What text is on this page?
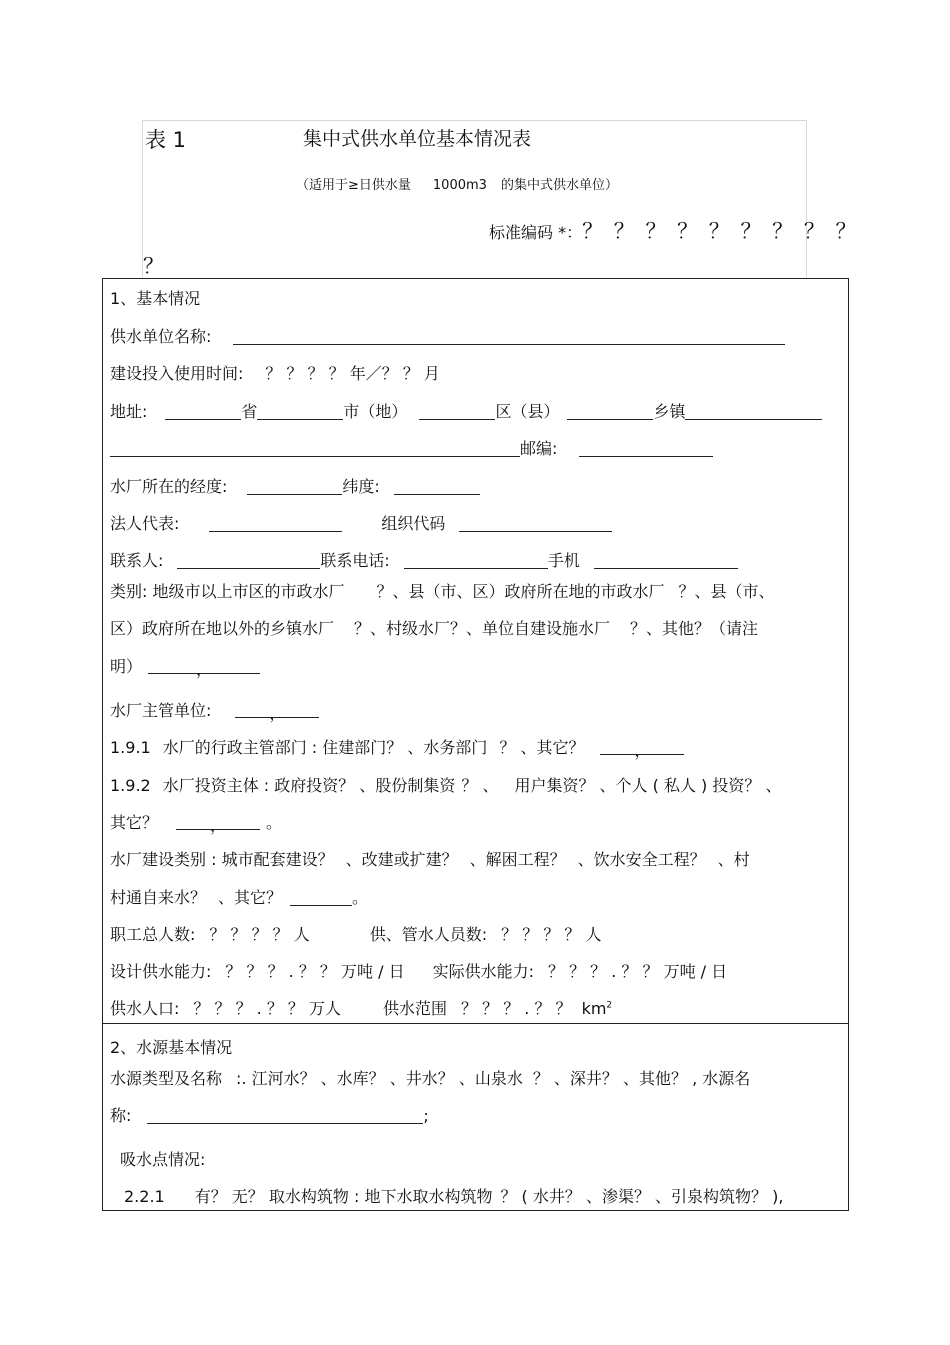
表 1	集中式供水单位基本情况表
（适用于≥日供水量 1000m3 的集中式供水单位）
标准编码 *：？ ？ ？ ？ ？ ？ ？ ？ ？
？
1、基本情况
供水单位名称:
建设投入使用时间: ？ ？ ？ ？ 年／？ ？ 月
地址:	省	市（地）	区（县）	乡镇
邮编:
水厂所在的经度:	纬度:
法人代表:	组织代码
联系人:	联系电话:	手机
类别: 地级市以上市区的市政水厂 ？、县（市、区）政府所在地的市政水厂 ？、县（市、
区）政府所在地以外的乡镇水厂 ？、村级水厂？、单位自建设施水厂 ？、其他？（请注
明）	，
水厂主管单位:	，
1.9.1 水厂的行政主管部门 : 住建部门？ 、水务部门 ？ 、其它？	，
1.9.2 水厂投资主体 : 政府投资？ 、股份制集资 ？ 、 用户集资？ 、个人 ( 私人 ) 投资？ 、
其它？	，	。
水厂建设类别 : 城市配套建设？ 、改建或扩建？ 、解困工程？ 、饮水安全工程？ 、村
村通自来水？ 、其它？	。
职工总人数: ？ ？ ？ ？ 人	供、管水人员数: ？ ？ ？ ？ 人
设计供水能力: ？ ？ ？ . ？ ？ 万吨 / 日 实际供水能力: ？ ？ ？ . ？ ？ 万吨 / 日
供水人口: ？ ？ ？ . ？ ？ 万人	供水范围 ？ ？ ？ . ？ ？ $km^2$
2、水源基本情况
水源类型及名称 :. 江河水？ 、水库？ 、井水？ 、山泉水 ？ 、深井？ 、其他？ , 水源名
称:	;
吸水点情况:
2.2.1 有？ 无？ 取水构筑物 : 地下水取水构筑物 ？ ( 水井？ 、渗渠？ 、引泉构筑物？ ),
